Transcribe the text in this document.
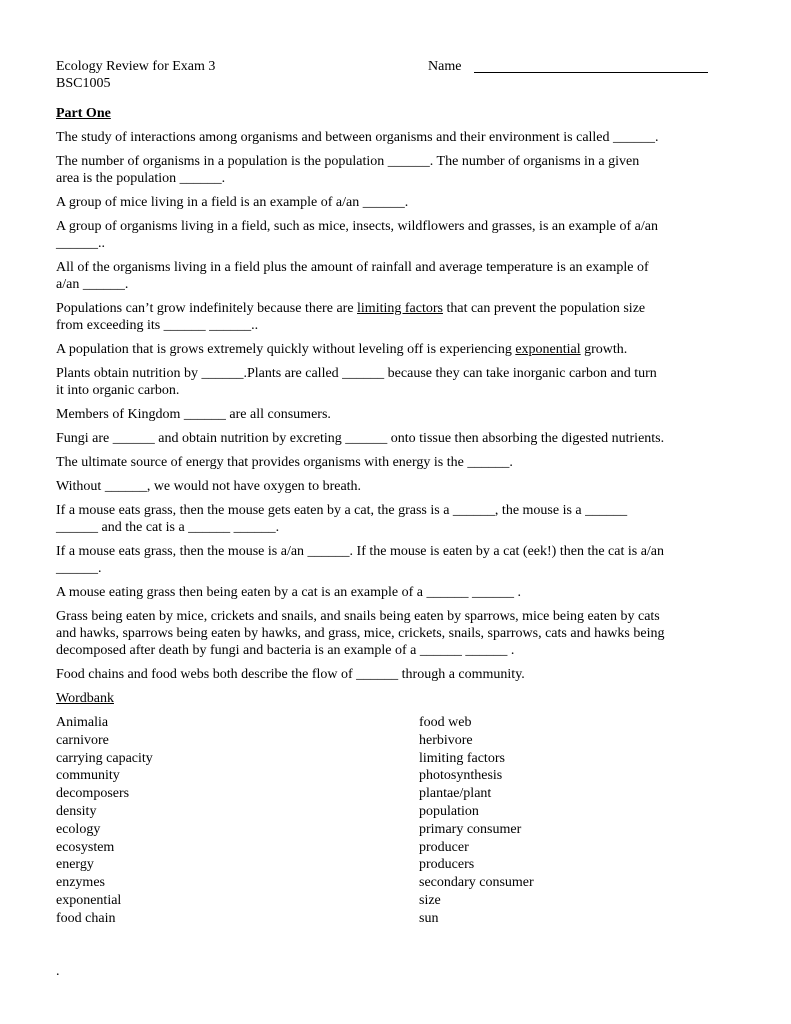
Ecology Review for Exam 3
BSC1005
Name
Part One
The study of interactions among organisms and between organisms and their environment is called ______.
The number of organisms in a population is the population ______. The number of organisms in a given
area is the population ______.
A group of mice living in a field is an example of a/an ______.
A group of organisms living in a field, such as mice, insects, wildflowers and grasses, is an example of a/an
______..
All of the organisms living in a field plus the amount of rainfall and average temperature is an example of
a/an ______.
Populations can’t grow indefinitely because there are limiting factors that can prevent the population size
from exceeding its ______ ______..
A population that is grows extremely quickly without leveling off is experiencing exponential growth.
Plants obtain nutrition by ______.Plants are called ______ because they can take inorganic carbon and turn
it into organic carbon.
Members of Kingdom ______ are all consumers.
Fungi are ______ and obtain nutrition by excreting ______ onto tissue then absorbing the digested nutrients.
The ultimate source of energy that provides organisms with energy is the ______.
Without ______, we would not have oxygen to breath.
If a mouse eats grass, then the mouse gets eaten by a cat, the grass is a ______, the mouse is a ______
______ and the cat is a ______ ______.
If a mouse eats grass, then the mouse is a/an ______. If the mouse is eaten by a cat (eek!) then the cat is a/an
______.
A mouse eating grass then being eaten by a cat is an example of a ______ ______ .
Grass being eaten by mice, crickets and snails, and snails being eaten by sparrows, mice being eaten by cats
and hawks, sparrows being eaten by hawks, and grass, mice, crickets, snails, sparrows, cats and hawks being
decomposed after death by fungi and bacteria is an example of a ______ ______ .
Food chains and food webs both describe the flow of ______ through a community.
Wordbank
Animalia
carnivore
carrying capacity
community
decomposers
density
ecology
ecosystem
energy
enzymes
exponential
food chain
food web
herbivore
limiting factors
photosynthesis
plantae/plant
population
primary consumer
producer
producers
secondary consumer
size
sun
.
